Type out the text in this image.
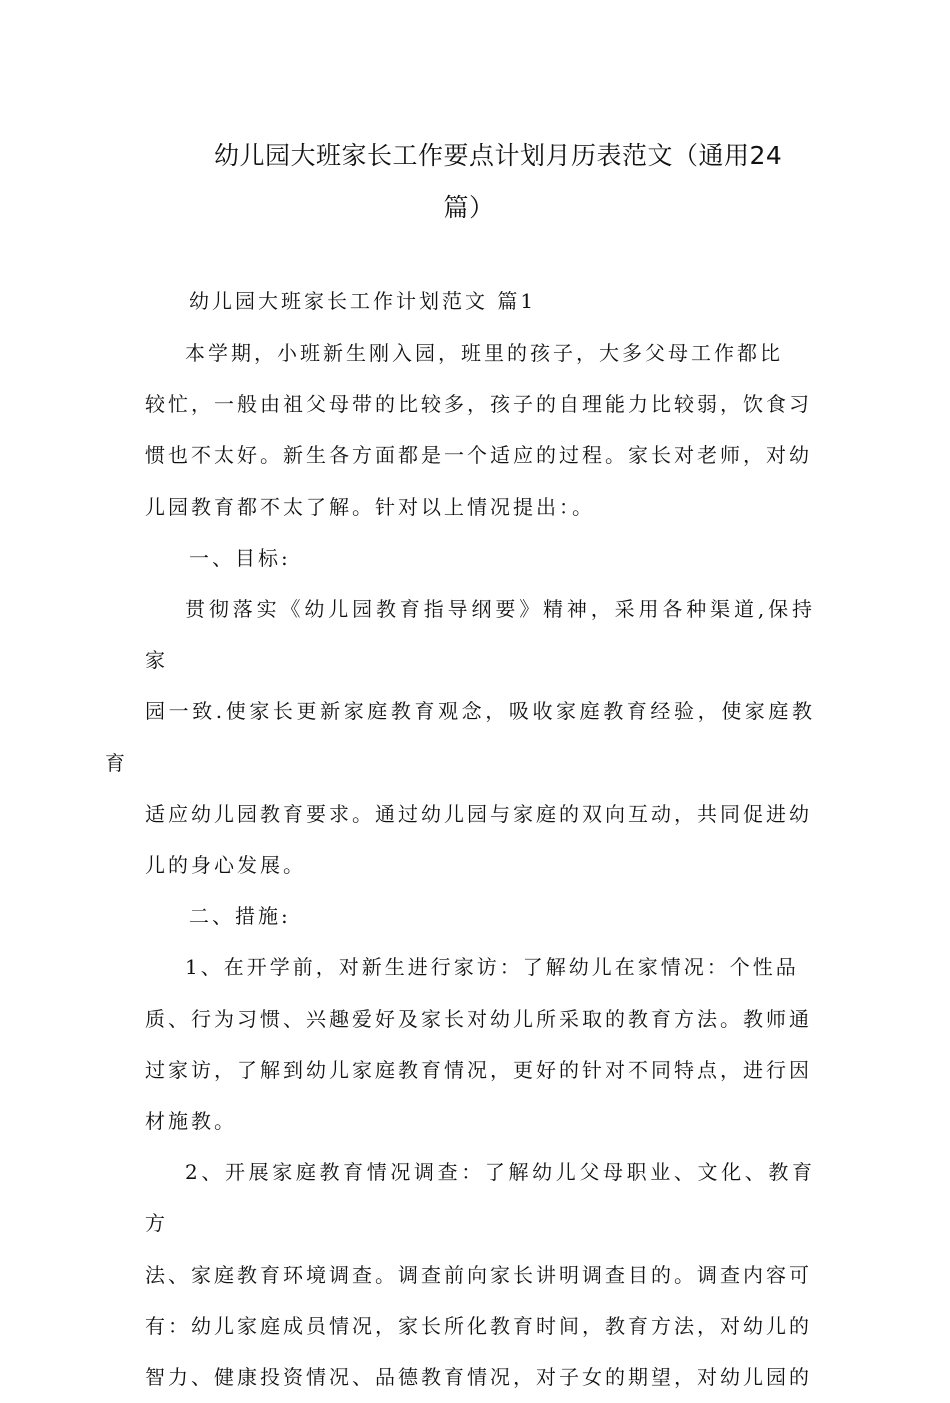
幼儿园大班家长工作要点计划月历表范文（通用24
篇）

幼儿园大班家长工作计划范文 篇1

本学期，小班新生刚入园，班里的孩子，大多父母工作都比
较忙，一般由祖父母带的比较多，孩子的自理能力比较弱，饮食习
惯也不太好。新生各方面都是一个适应的过程。家长对老师，对幼
儿园教育都不太了解。针对以上情况提出：。

一、目标:

贯彻落实《幼儿园教育指导纲要》精神，采用各种渠道,保持家
园一致.使家长更新家庭教育观念，吸收家庭教育经验，使家庭教育
适应幼儿园教育要求。通过幼儿园与家庭的双向互动，共同促进幼
儿的身心发展。

二、措施:

1、在开学前，对新生进行家访：了解幼儿在家情况：个性品
质、行为习惯、兴趣爱好及家长对幼儿所采取的教育方法。教师通
过家访，了解到幼儿家庭教育情况，更好的针对不同特点，进行因
材施教。

2、开展家庭教育情况调查：了解幼儿父母职业、文化、教育方
法、家庭教育环境调查。调查前向家长讲明调查目的。调查内容可
有：幼儿家庭成员情况，家长所化教育时间，教育方法，对幼儿的
智力、健康投资情况、品德教育情况，对子女的期望，对幼儿园的
